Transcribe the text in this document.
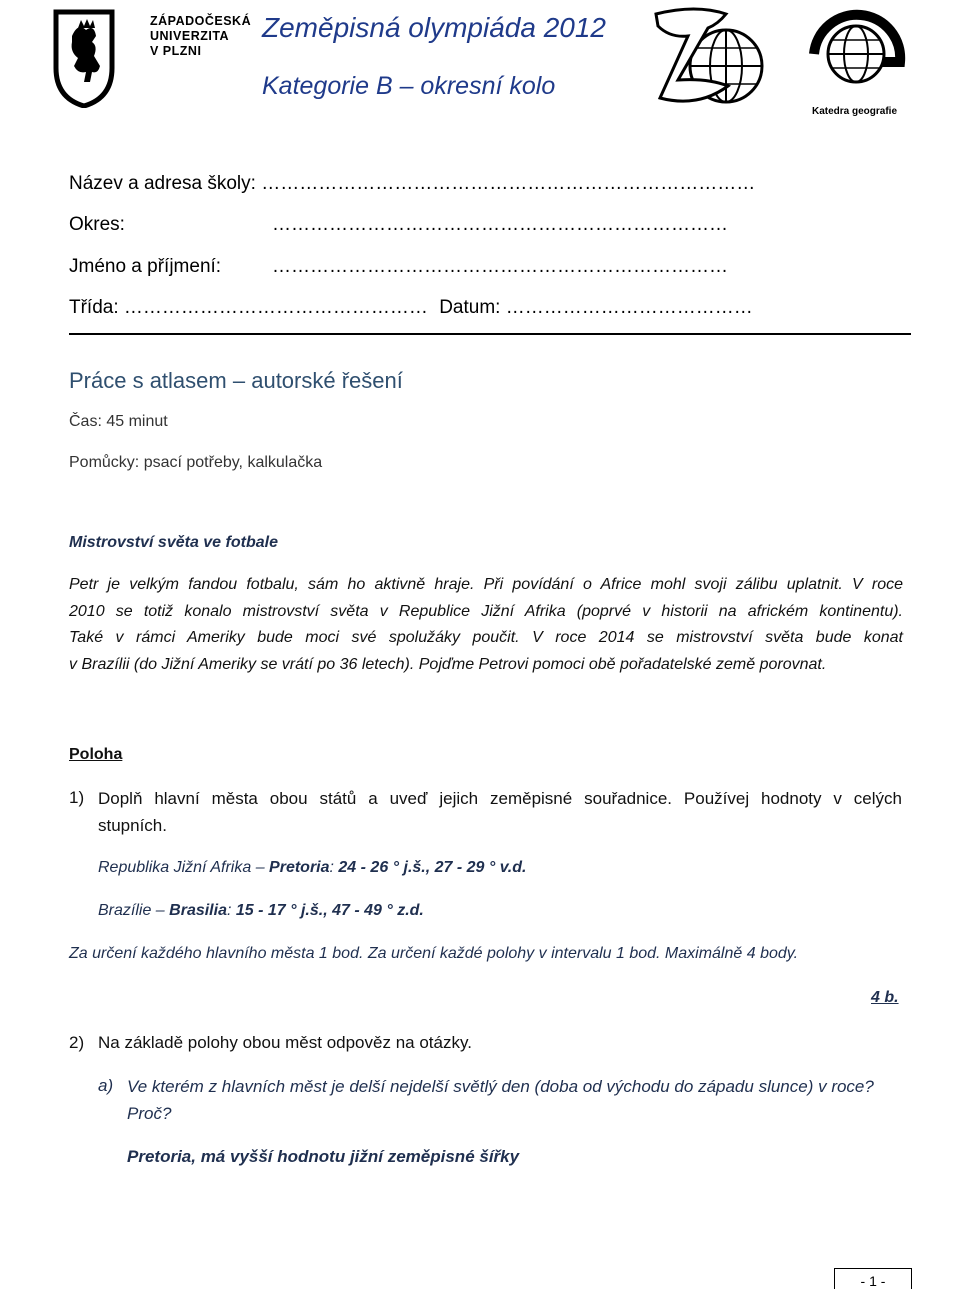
ZÁPADOČESKÁ
UNIVERZITA
V PLZNI
Zeměpisná olympiáda 2012
Kategorie B – okresní kolo
Katedra geografie
Název a adresa školy: ……………………………………………………………………
Okres:	………………………………………………………………
Jméno a příjmení:	………………………………………………………………
Třída: ………………………………………… Datum: …………………………………
Práce s atlasem – autorské řešení
Čas: 45 minut
Pomůcky: psací potřeby, kalkulačka
Mistrovství světa ve fotbale
Petr je velkým fandou fotbalu, sám ho aktivně hraje. Při povídání o Africe mohl svoji zálibu uplatnit. V roce
2010 se totiž konalo mistrovství světa v Republice Jižní Afrika (poprvé v historii na africkém kontinentu).
Také v rámci Ameriky bude moci své spolužáky poučit. V roce 2014 se mistrovství světa bude konat
v Brazílii (do Jižní Ameriky se vrátí po 36 letech). Pojďme Petrovi pomoci obě pořadatelské země porovnat.
Poloha
1) Doplň hlavní města obou států a uveď jejich zeměpisné souřadnice. Používej hodnoty v celých
stupních.
Republika Jižní Afrika – Pretoria: 24 - 26 ° j.š., 27 - 29 ° v.d.
Brazílie – Brasilia: 15 - 17 ° j.š., 47 - 49 ° z.d.
Za určení každého hlavního města 1 bod. Za určení každé polohy v intervalu 1 bod. Maximálně 4 body.
4 b.
2) Na základě polohy obou měst odpověz na otázky.
a) Ve kterém z hlavních měst je delší nejdelší světlý den (doba od východu do západu slunce) v roce?
Proč?
Pretoria, má vyšší hodnotu jižní zeměpisné šířky
- 1 -
